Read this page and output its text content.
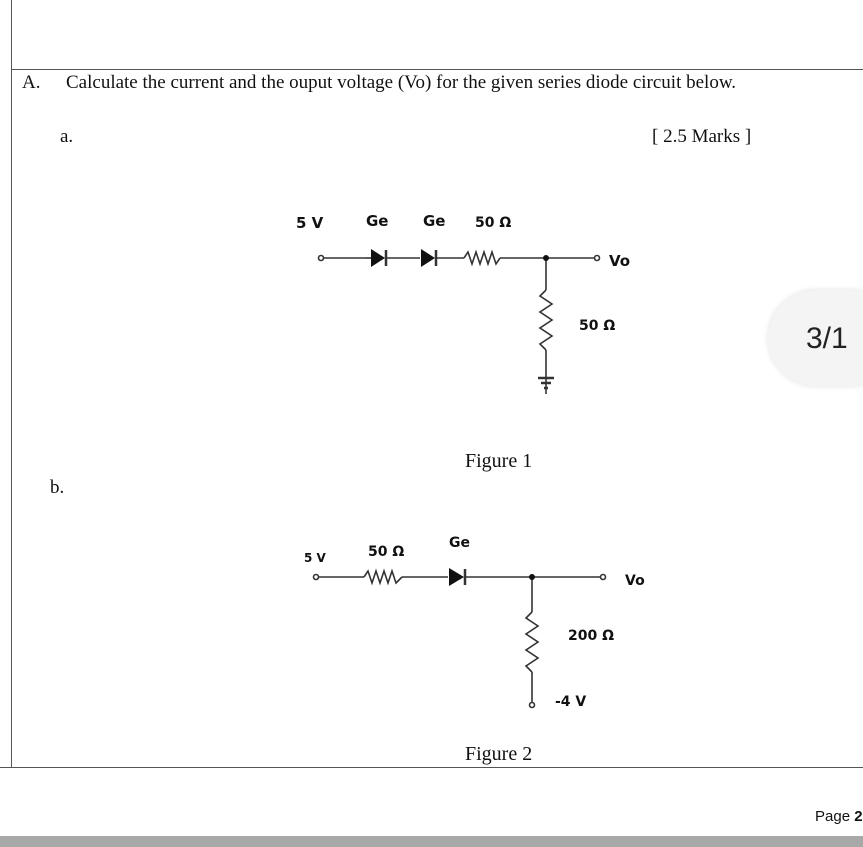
A. Calculate the current and the ouput voltage (Vo) for the given series diode circuit below.
a.	[ 2.5 Marks ]
5 V	Ge Ge 50 Ω
Vo
50 Ω
Figure 1
b.
5 V	50 Ω
Ge
Vo
200 Ω
-4 V
Figure 2
3/1
Page 2
